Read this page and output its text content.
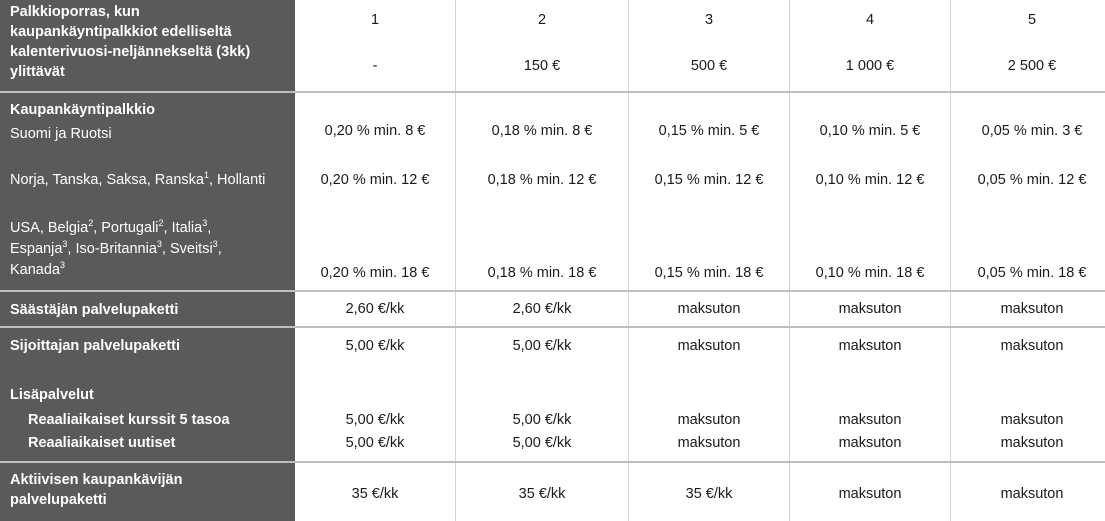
Palkkioporras, kun
kaupankäyntipalkkiot edelliseltä
kalenterivuosi-neljännekseltä (3kk)
ylittävät
1	2	3	4	5
-	150 €	500 €	1 000 €	2 500 €
Kaupankäyntipalkkio
Suomi ja Ruotsi	0,20 % min. 8 €	0,18 % min. 8 €	0,15 % min. 5 €	0,10 % min. 5 €	0,05 % min. 3 €
Norja, Tanska, Saksa, Ranska$^1$, Hollanti	0,20 % min. 12 €	0,18 % min. 12 €	0,15 % min. 12 €	0,10 % min. 12 €	0,05 % min. 12 €
USA, Belgia$^2$, Portugali$^2$, Italia$^3$,
Espanja$^3$, Iso-Britannia$^3$, Sveitsi$^3$,
Kanada$^3$	0,20 % min. 18 €	0,18 % min. 18 €	0,15 % min. 18 €	0,10 % min. 18 €	0,05 % min. 18 €
Säästäjän palvelupaketti	2,60 €/kk	2,60 €/kk	maksuton	maksuton	maksuton
Sijoittajan palvelupaketti	5,00 €/kk	5,00 €/kk	maksuton	maksuton	maksuton
Lisäpalvelut
Reaaliaikaiset kurssit 5 tasoa	5,00 €/kk	5,00 €/kk	maksuton	maksuton	maksuton
Reaaliaikaiset uutiset	5,00 €/kk	5,00 €/kk	maksuton	maksuton	maksuton
Aktiivisen kaupankävijän
palvelupaketti	35 €/kk	35 €/kk	35 €/kk	maksuton	maksuton
